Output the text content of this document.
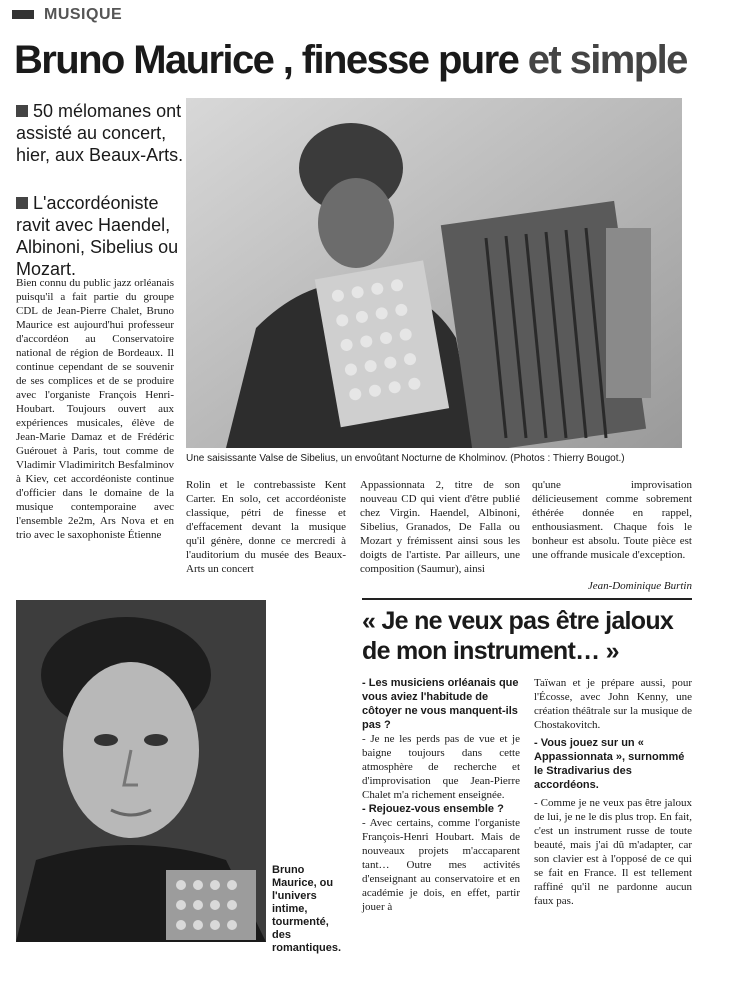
MUSIQUE
Bruno Maurice , finesse pure et simple
50 mélomanes ont assisté au concert, hier, aux Beaux-Arts.
L'accordéoniste ravit avec Haendel, Albinoni, Sibelius ou Mozart.
Une saisissante Valse de Sibelius, un envoûtant Nocturne de Kholminov. (Photos : Thierry Bougot.)

Bien connu du public jazz orléanais puisqu'il a fait partie du groupe CDL de Jean-Pierre Chalet, Bruno Maurice est aujourd'hui professeur d'accordéon au Conservatoire national de région de Bordeaux. Il continue cependant de se souvenir de ses complices et de se produire avec l'organiste François Henri-Houbart. Toujours ouvert aux expériences musicales, élève de Jean-Marie Damaz et de Frédéric Guérouet à Paris, tout comme de Vladimir Vladimiritch Besfalminov à Kiev, cet accordéoniste continue d'officier dans le domaine de la musique contemporaine avec l'ensemble 2e2m, Ars Nova et en trio avec le saxophoniste Étienne

Rolin et le contrebassiste Kent Carter. En solo, cet accordéoniste classique, pétri de finesse et d'effacement devant la musique qu'il génère, donne ce mercredi à l'auditorium du musée des Beaux-Arts un concert

Appassionnata 2, titre de son nouveau CD qui vient d'être publié chez Virgin. Haendel, Albinoni, Sibelius, Granados, De Falla ou Mozart y frémissent ainsi sous les doigts de l'artiste. Par ailleurs, une composition (Saumur), ainsi

qu'une improvisation délicieusement comme sobrement éthérée donnée en rappel, enthousiasment. Chaque fois le bonheur est absolu. Toute pièce est une offrande musicale d'exception.

Jean-Dominique Burtin
Bruno Maurice, ou l'univers intime, tourmenté, des romantiques.
« Je ne veux pas être jaloux de mon instrument… »
- Les musiciens orléanais que vous aviez l'habitude de côtoyer ne vous manquent-ils pas ?
- Je ne les perds pas de vue et je baigne toujours dans cette atmosphère de recherche et d'improvisation que Jean-Pierre Chalet m'a richement enseignée.
- Rejouez-vous ensemble ?
- Avec certains, comme l'organiste François-Henri Houbart. Mais de nouveaux projets m'accaparent tant… Outre mes activités d'enseignant au conservatoire et en académie je dois, en effet, partir jouer à
Taïwan et je prépare aussi, pour l'Écosse, avec John Kenny, une création théâtrale sur la musique de Chostakovitch.
- Vous jouez sur un « Appassionnata », surnommé le Stradivarius des accordéons.
- Comme je ne veux pas être jaloux de lui, je ne le dis plus trop. En fait, c'est un instrument russe de toute beauté, mais j'ai dû m'adapter, car son clavier est à l'opposé de ce qui se fait en France. Il est tellement raffiné qu'il ne pardonne aucun faux pas.
